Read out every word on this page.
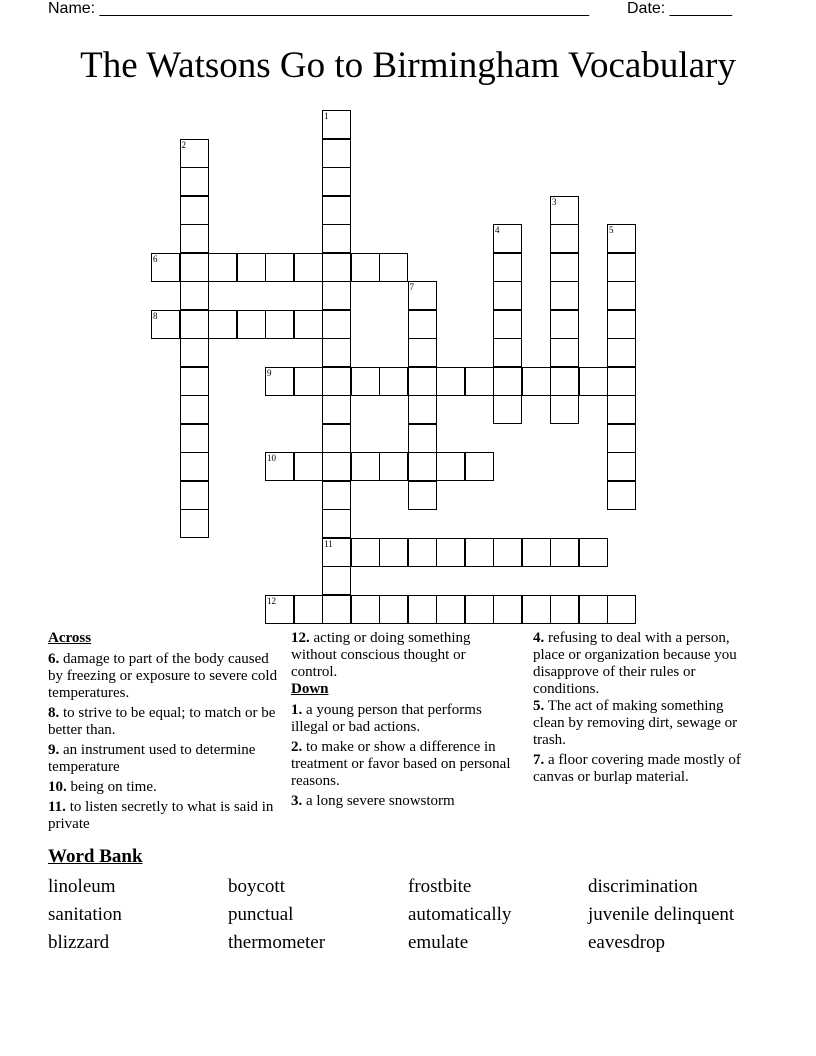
Name: _______________________________________________________ Date: _______
The Watsons Go to Birmingham Vocabulary
1
2
3
4	5
6
7
8
9
10
11
12
Across
6. damage to part of the body caused by freezing or exposure to severe cold temperatures.
8. to strive to be equal; to match or be better than.
9. an instrument used to determine temperature
10. being on time.
11. to listen secretly to what is said in private
12. acting or doing something without conscious thought or control.
Down
1. a young person that performs illegal or bad actions.
2. to make or show a difference in treatment or favor based on personal reasons.
3. a long severe snowstorm
4. refusing to deal with a person, place or organization because you disapprove of their rules or conditions.
5. The act of making something clean by removing dirt, sewage or trash.
7. a floor covering made mostly of canvas or burlap material.
Word Bank
linoleum	boycott	frostbite	discrimination
sanitation	punctual	automatically	juvenile delinquent
blizzard	thermometer	emulate	eavesdrop
